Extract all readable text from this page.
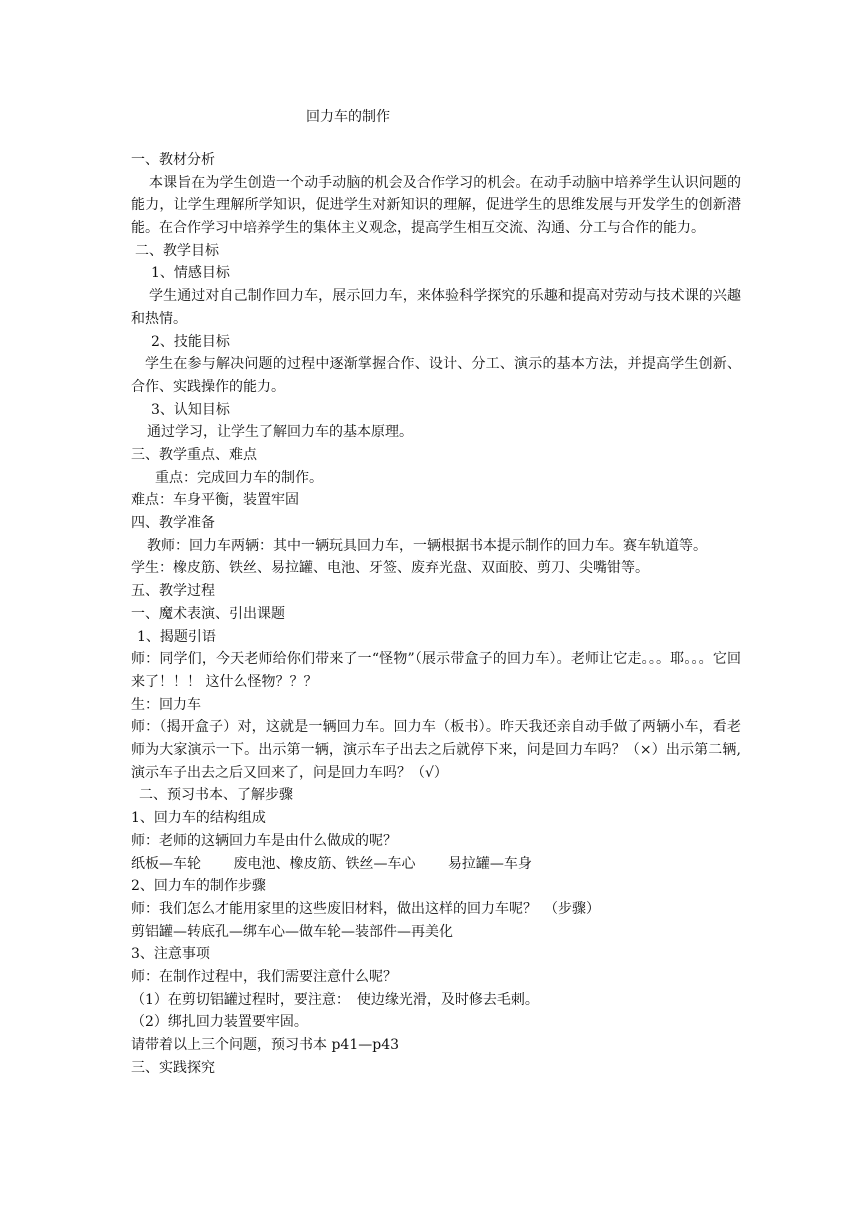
回力车的制作
一、教材分析
本课旨在为学生创造一个动手动脑的机会及合作学习的机会。在动手动脑中培养学生认识问题的能力，让学生理解所学知识，促进学生对新知识的理解，促进学生的思维发展与开发学生的创新潜能。在合作学习中培养学生的集体主义观念，提高学生相互交流、沟通、分工与合作的能力。
二、教学目标
1、情感目标
学生通过对自己制作回力车，展示回力车，来体验科学探究的乐趣和提高对劳动与技术课的兴趣和热情。
2、技能目标
学生在参与解决问题的过程中逐渐掌握合作、设计、分工、演示的基本方法，并提高学生创新、合作、实践操作的能力。
3、认知目标
通过学习，让学生了解回力车的基本原理。
三、教学重点、难点
重点：完成回力车的制作。
难点：车身平衡，装置牢固
四、教学准备
教师：回力车两辆：其中一辆玩具回力车，一辆根据书本提示制作的回力车。赛车轨道等。
学生：橡皮筋、铁丝、易拉罐、电池、牙签、废弃光盘、双面胶、剪刀、尖嘴钳等。
五、教学过程
一、魔术表演、引出课题
1、揭题引语
师：同学们，今天老师给你们带来了一“怪物”（展示带盒子的回力车）。老师让它走。。。耶。。。它回来了！！！ 这什么怪物？？？
生：回力车
师：（揭开盒子）对，这就是一辆回力车。回力车（板书）。昨天我还亲自动手做了两辆小车，看老师为大家演示一下。出示第一辆，演示车子出去之后就停下来，问是回力车吗？（×）出示第二辆,演示车子出去之后又回来了，问是回力车吗？（√）
二、预习书本、了解步骤
1、回力车的结构组成
师：老师的这辆回力车是由什么做成的呢？
纸板—车轮　　 废电池、橡皮筋、铁丝—车心　　 易拉罐—车身
2、回力车的制作步骤
师：我们怎么才能用家里的这些废旧材料，做出这样的回力车呢？　（步骤）
剪铝罐—转底孔—绑车心—做车轮—装部件—再美化
3、注意事项
师：在制作过程中，我们需要注意什么呢？
（1）在剪切铝罐过程时，要注意：　使边缘光滑，及时修去毛刺。
（2）绑扎回力装置要牢固。
请带着以上三个问题，预习书本 p41—p43
三、实践探究
